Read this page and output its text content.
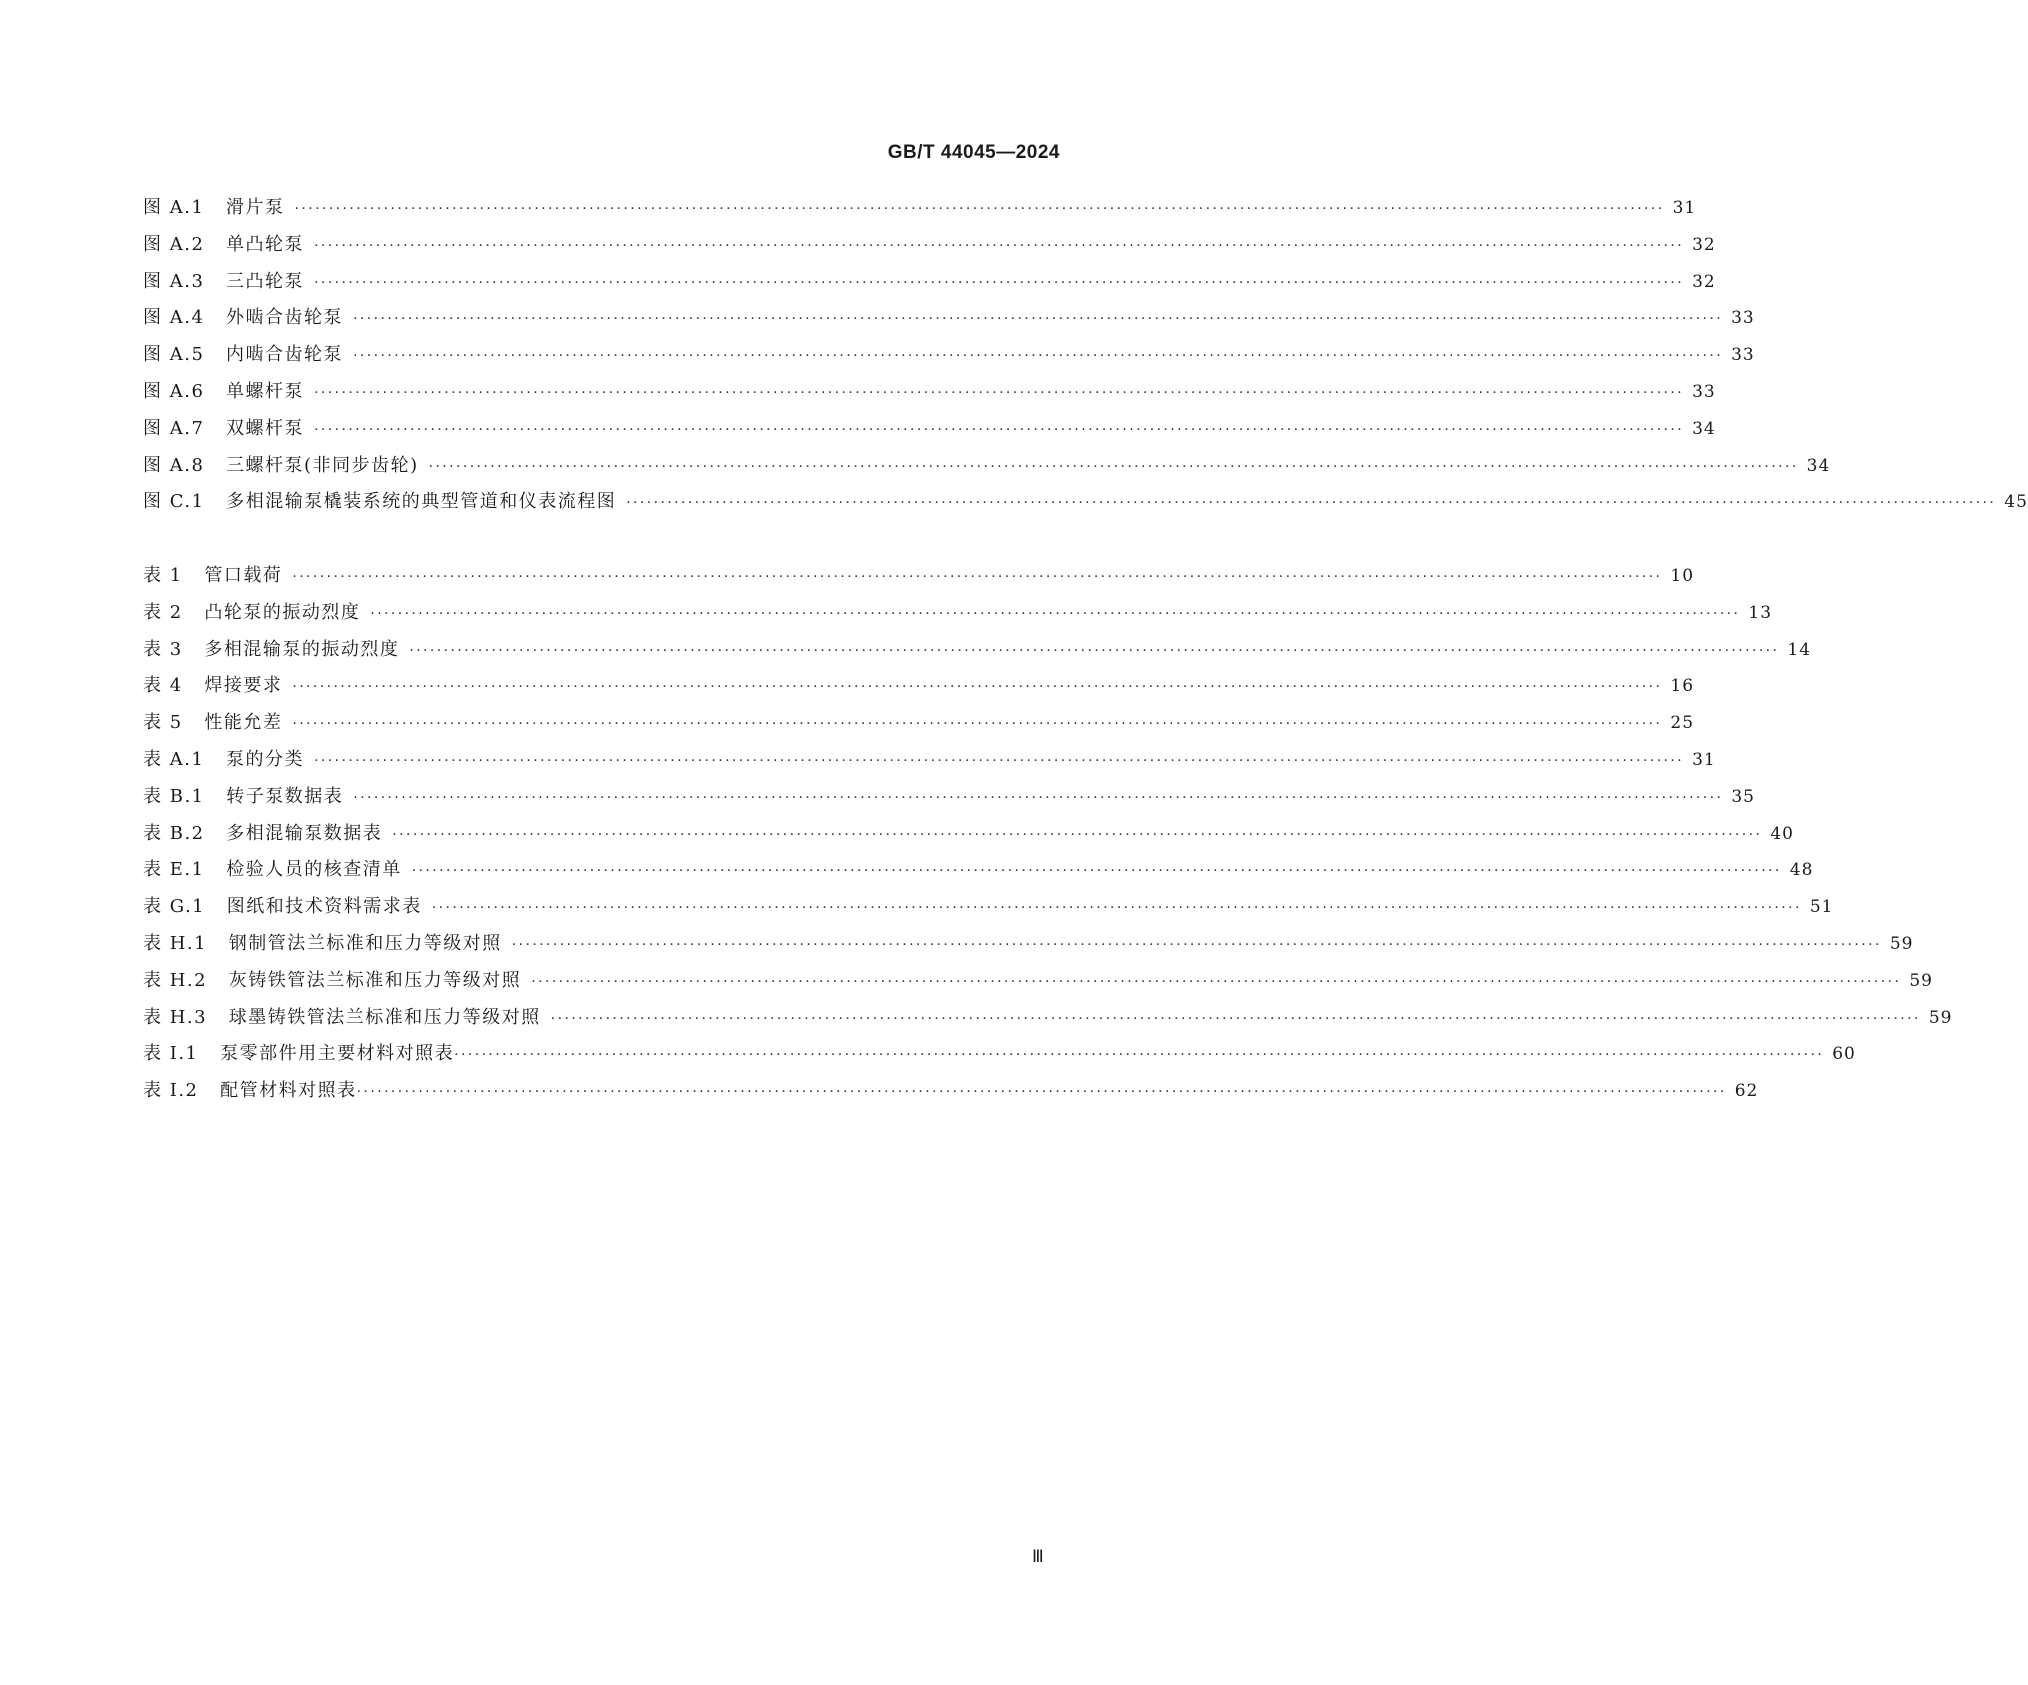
GB/T 44045—2024
图 A.1   滑片泵 ········································································································································································································ 31
图 A.2   单凸轮泵 ········································································································································································································ 32
图 A.3   三凸轮泵 ········································································································································································································ 32
图 A.4   外啮合齿轮泵 ········································································································································································································ 33
图 A.5   内啮合齿轮泵 ········································································································································································································ 33
图 A.6   单螺杆泵 ········································································································································································································ 33
图 A.7   双螺杆泵 ········································································································································································································ 34
图 A.8   三螺杆泵(非同步齿轮) ········································································································································································································ 34
图 C.1   多相混输泵橇装系统的典型管道和仪表流程图 ········································································································································································································ 45
表 1   管口载荷 ········································································································································································································ 10
表 2   凸轮泵的振动烈度 ········································································································································································································ 13
表 3   多相混输泵的振动烈度 ········································································································································································································ 14
表 4   焊接要求 ········································································································································································································ 16
表 5   性能允差 ········································································································································································································ 25
表 A.1   泵的分类 ········································································································································································································ 31
表 B.1   转子泵数据表 ········································································································································································································ 35
表 B.2   多相混输泵数据表 ········································································································································································································ 40
表 E.1   检验人员的核查清单 ········································································································································································································ 48
表 G.1   图纸和技术资料需求表 ········································································································································································································ 51
表 H.1   钢制管法兰标准和压力等级对照 ········································································································································································································ 59
表 H.2   灰铸铁管法兰标准和压力等级对照 ········································································································································································································ 59
表 H.3   球墨铸铁管法兰标准和压力等级对照 ········································································································································································································ 59
表 I.1   泵零部件用主要材料对照表 ········································································································································································································ 60
表 I.2   配管材料对照表 ········································································································································································································ 62
Ⅲ
